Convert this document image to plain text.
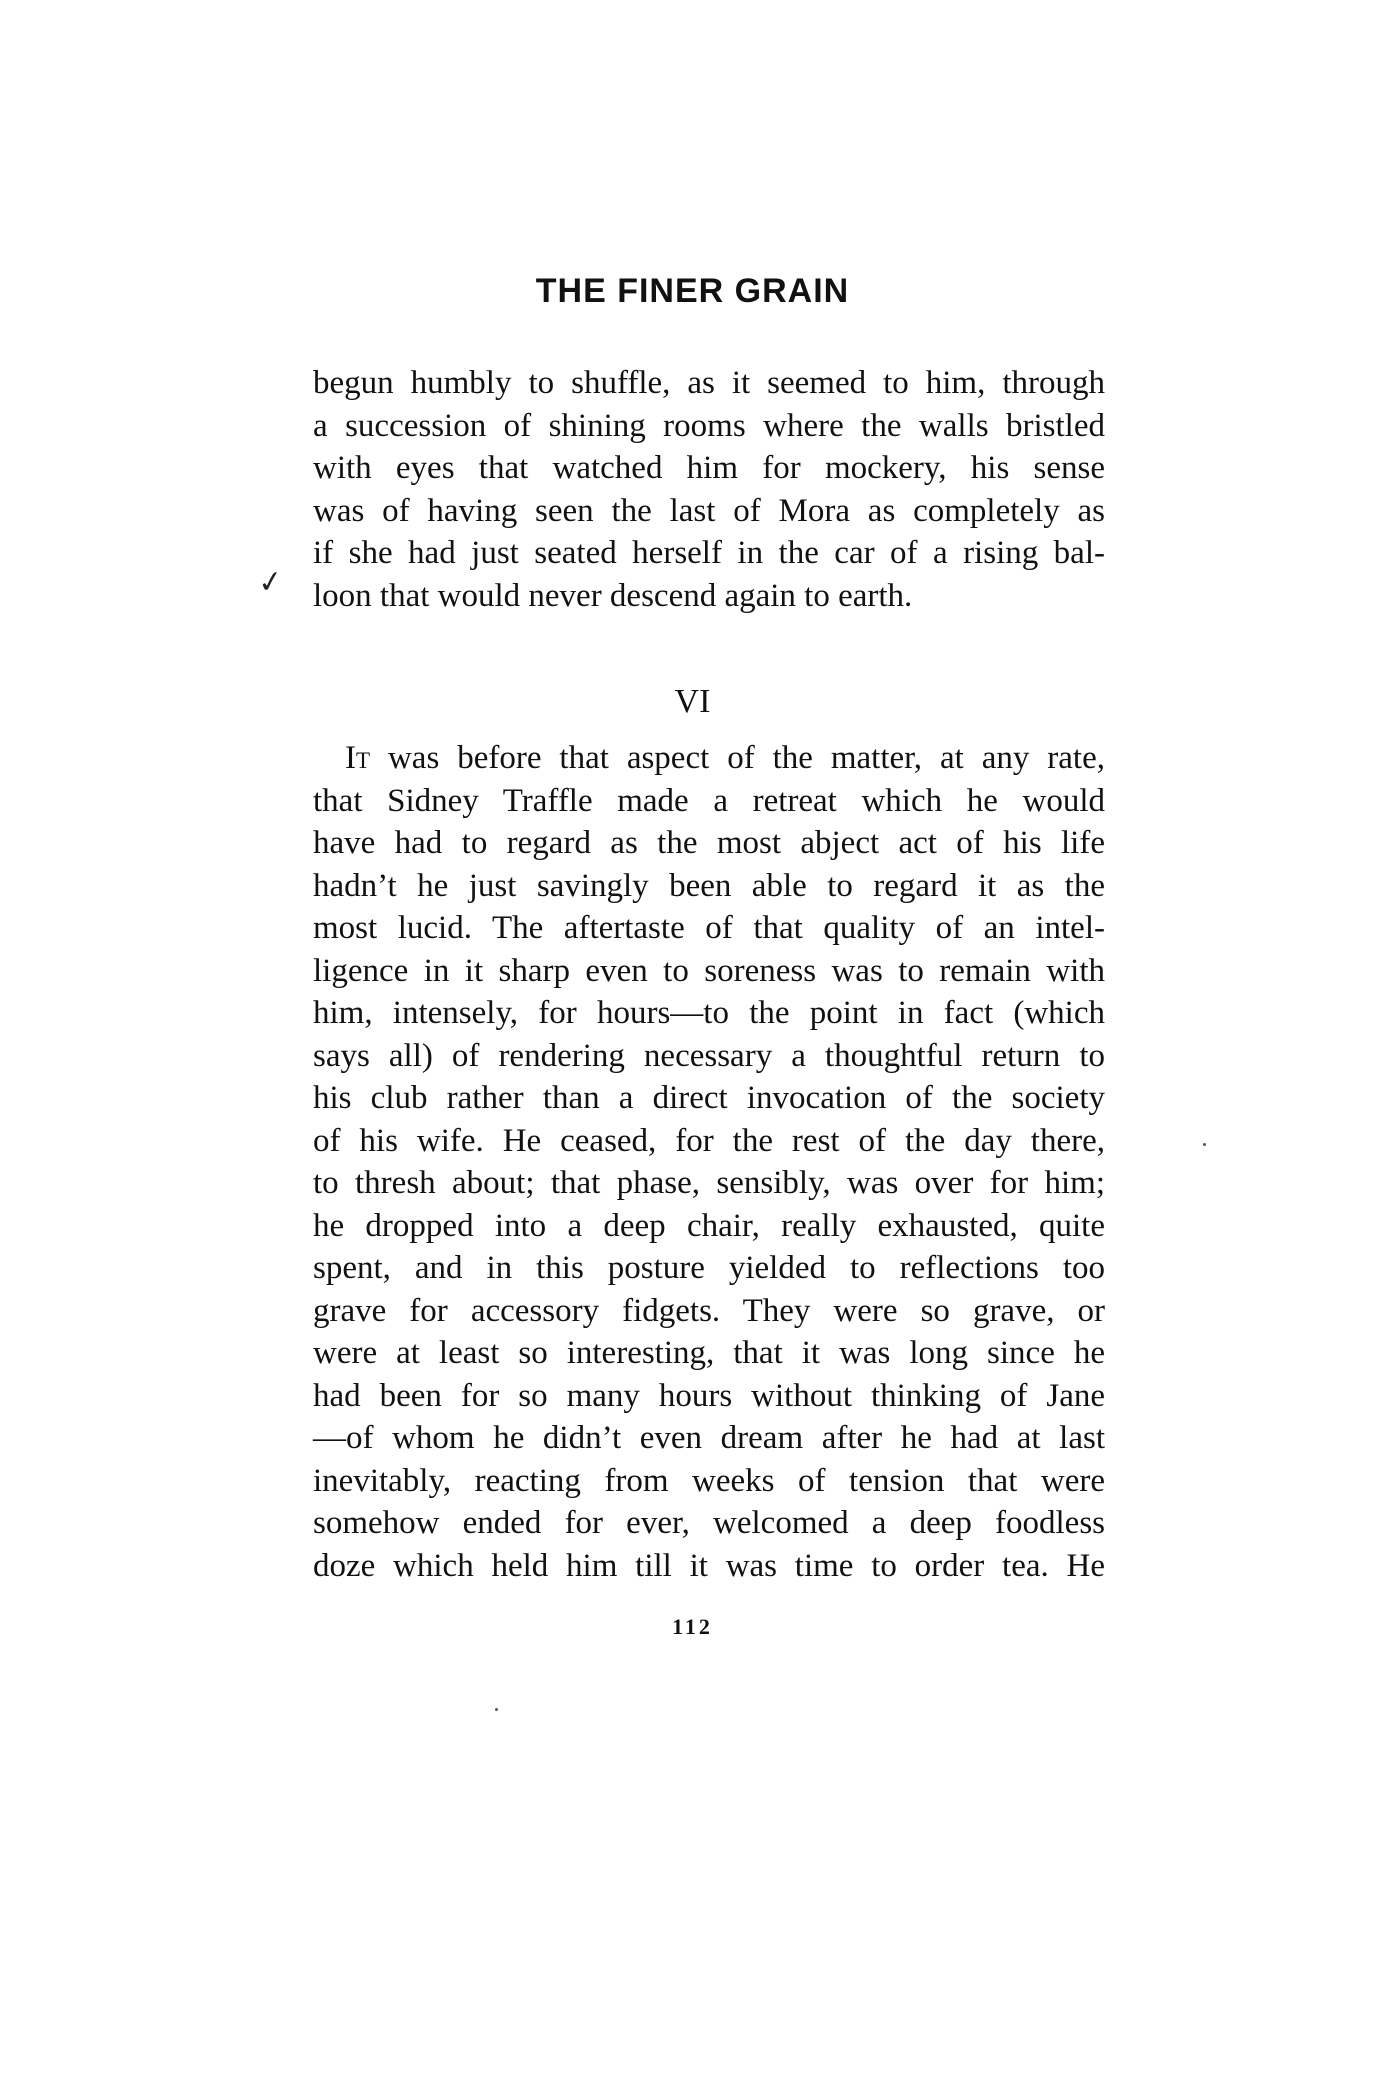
THE FINER GRAIN
begun humbly to shuffle, as it seemed to him, through
a succession of shining rooms where the walls bristled
with eyes that watched him for mockery, his sense
was of having seen the last of Mora as completely as
if she had just seated herself in the car of a rising bal-
loon that would never descend again to earth.
✓
VI
It was before that aspect of the matter, at any rate,
that Sidney Traffle made a retreat which he would
have had to regard as the most abject act of his life
hadn’t he just savingly been able to regard it as the
most lucid. The aftertaste of that quality of an intel-
ligence in it sharp even to soreness was to remain with
him, intensely, for hours—to the point in fact (which
says all) of rendering necessary a thoughtful return to
his club rather than a direct invocation of the society
of his wife. He ceased, for the rest of the day there,
to thresh about; that phase, sensibly, was over for him;
he dropped into a deep chair, really exhausted, quite
spent, and in this posture yielded to reflections too
grave for accessory fidgets. They were so grave, or
were at least so interesting, that it was long since he
had been for so many hours without thinking of Jane
—of whom he didn’t even dream after he had at last
inevitably, reacting from weeks of tension that were
somehow ended for ever, welcomed a deep foodless
doze which held him till it was time to order tea. He
112
